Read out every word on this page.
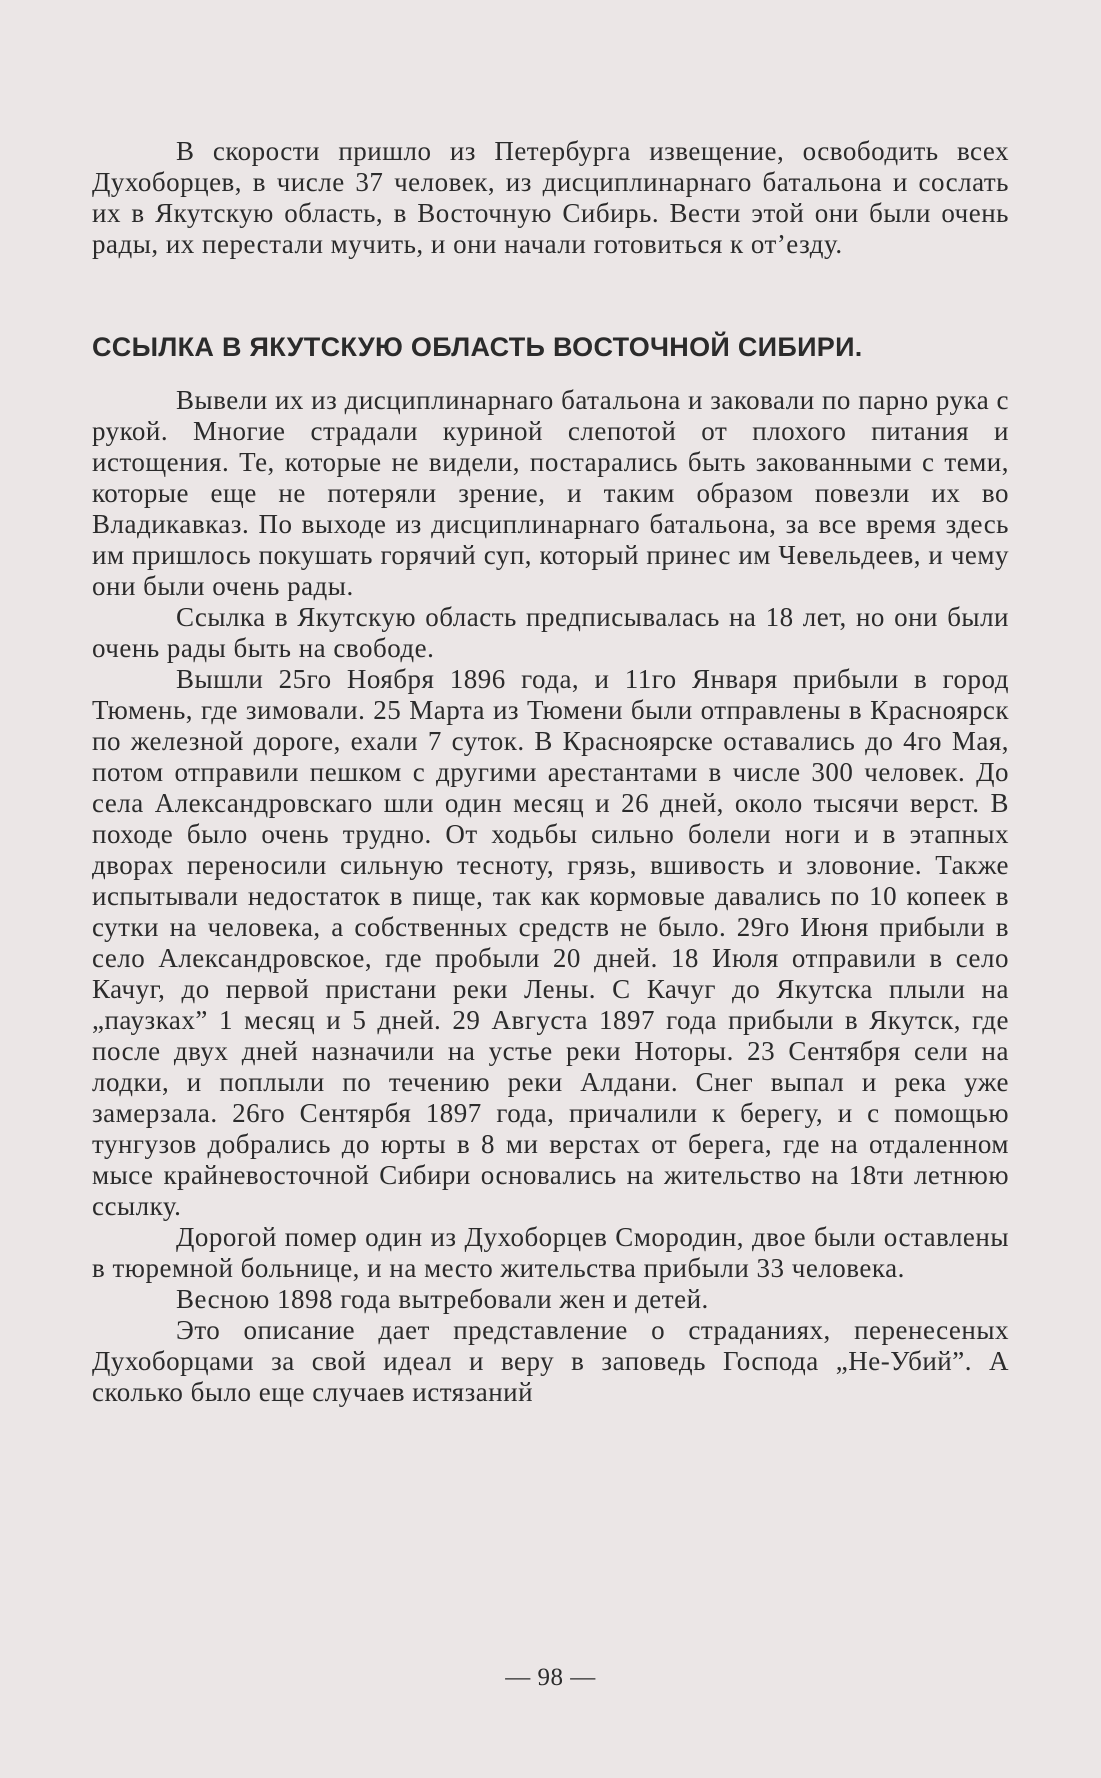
В скорости пришло из Петербурга извещение, освободить всех Духоборцев, в числе 37 человек, из дисциплинарнаго батальона и сослать их в Якутскую область, в Восточную Сибирь. Вести этой они были очень рады, их перестали мучить, и они начали готовиться к от’езду.

ССЫЛКА В ЯКУТСКУЮ ОБЛАСТЬ ВОСТОЧНОЙ СИБИРИ.

Вывели их из дисциплинарнаго батальона и заковали по парно рука с рукой. Многие страдали куриной слепотой от плохого питания и истощения. Те, которые не видели, постарались быть закованными с теми, которые еще не потеряли зрение, и таким образом повезли их во Владикавказ. По выходе из дисциплинарнаго батальона, за все время здесь им пришлось покушать горячий суп, который принес им Чевельдеев, и чему они были очень рады.

Ссылка в Якутскую область предписывалась на 18 лет, но они были очень рады быть на свободе.

Вышли 25го Ноября 1896 года, и 11го Января прибыли в город Тюмень, где зимовали. 25 Марта из Тюмени были отправлены в Красноярск по железной дороге, ехали 7 суток. В Красноярске оставались до 4го Мая, потом отправили пешком с другими арестантами в числе 300 человек. До села Александровскаго шли один месяц и 26 дней, около тысячи верст. В походе было очень трудно. От ходьбы сильно болели ноги и в этапных дворах переносили сильную тесноту, грязь, вшивость и зловоние. Также испытывали недостаток в пище, так как кормовые давались по 10 копеек в сутки на человека, а собственных средств не было. 29го Июня прибыли в село Александровское, где пробыли 20 дней. 18 Июля отправили в село Качуг, до первой пристани реки Лены. С Качуг до Якутска плыли на „паузках” 1 месяц и 5 дней. 29 Августа 1897 года прибыли в Якутск, где после двух дней назначили на устье реки Ноторы. 23 Сентября сели на лодки, и поплыли по течению реки Алдани. Снег выпал и река уже замерзала. 26го Сентярбя 1897 года, причалили к берегу, и с помощью тунгузов добрались до юрты в 8 ми верстах от берега, где на отдаленном мысе крайневосточной Сибири основались на жительство на 18ти летнюю ссылку.

Дорогой помер один из Духоборцев Смородин, двое были оставлены в тюремной больнице, и на место жительства прибыли 33 человека.

Весною 1898 года вытребовали жен и детей.

Это описание дает представление о страданиях, перенесеных Духоборцами за свой идеал и веру в заповедь Господа „Не-Убий”. А сколько было еще случаев истязаний

— 98 —
